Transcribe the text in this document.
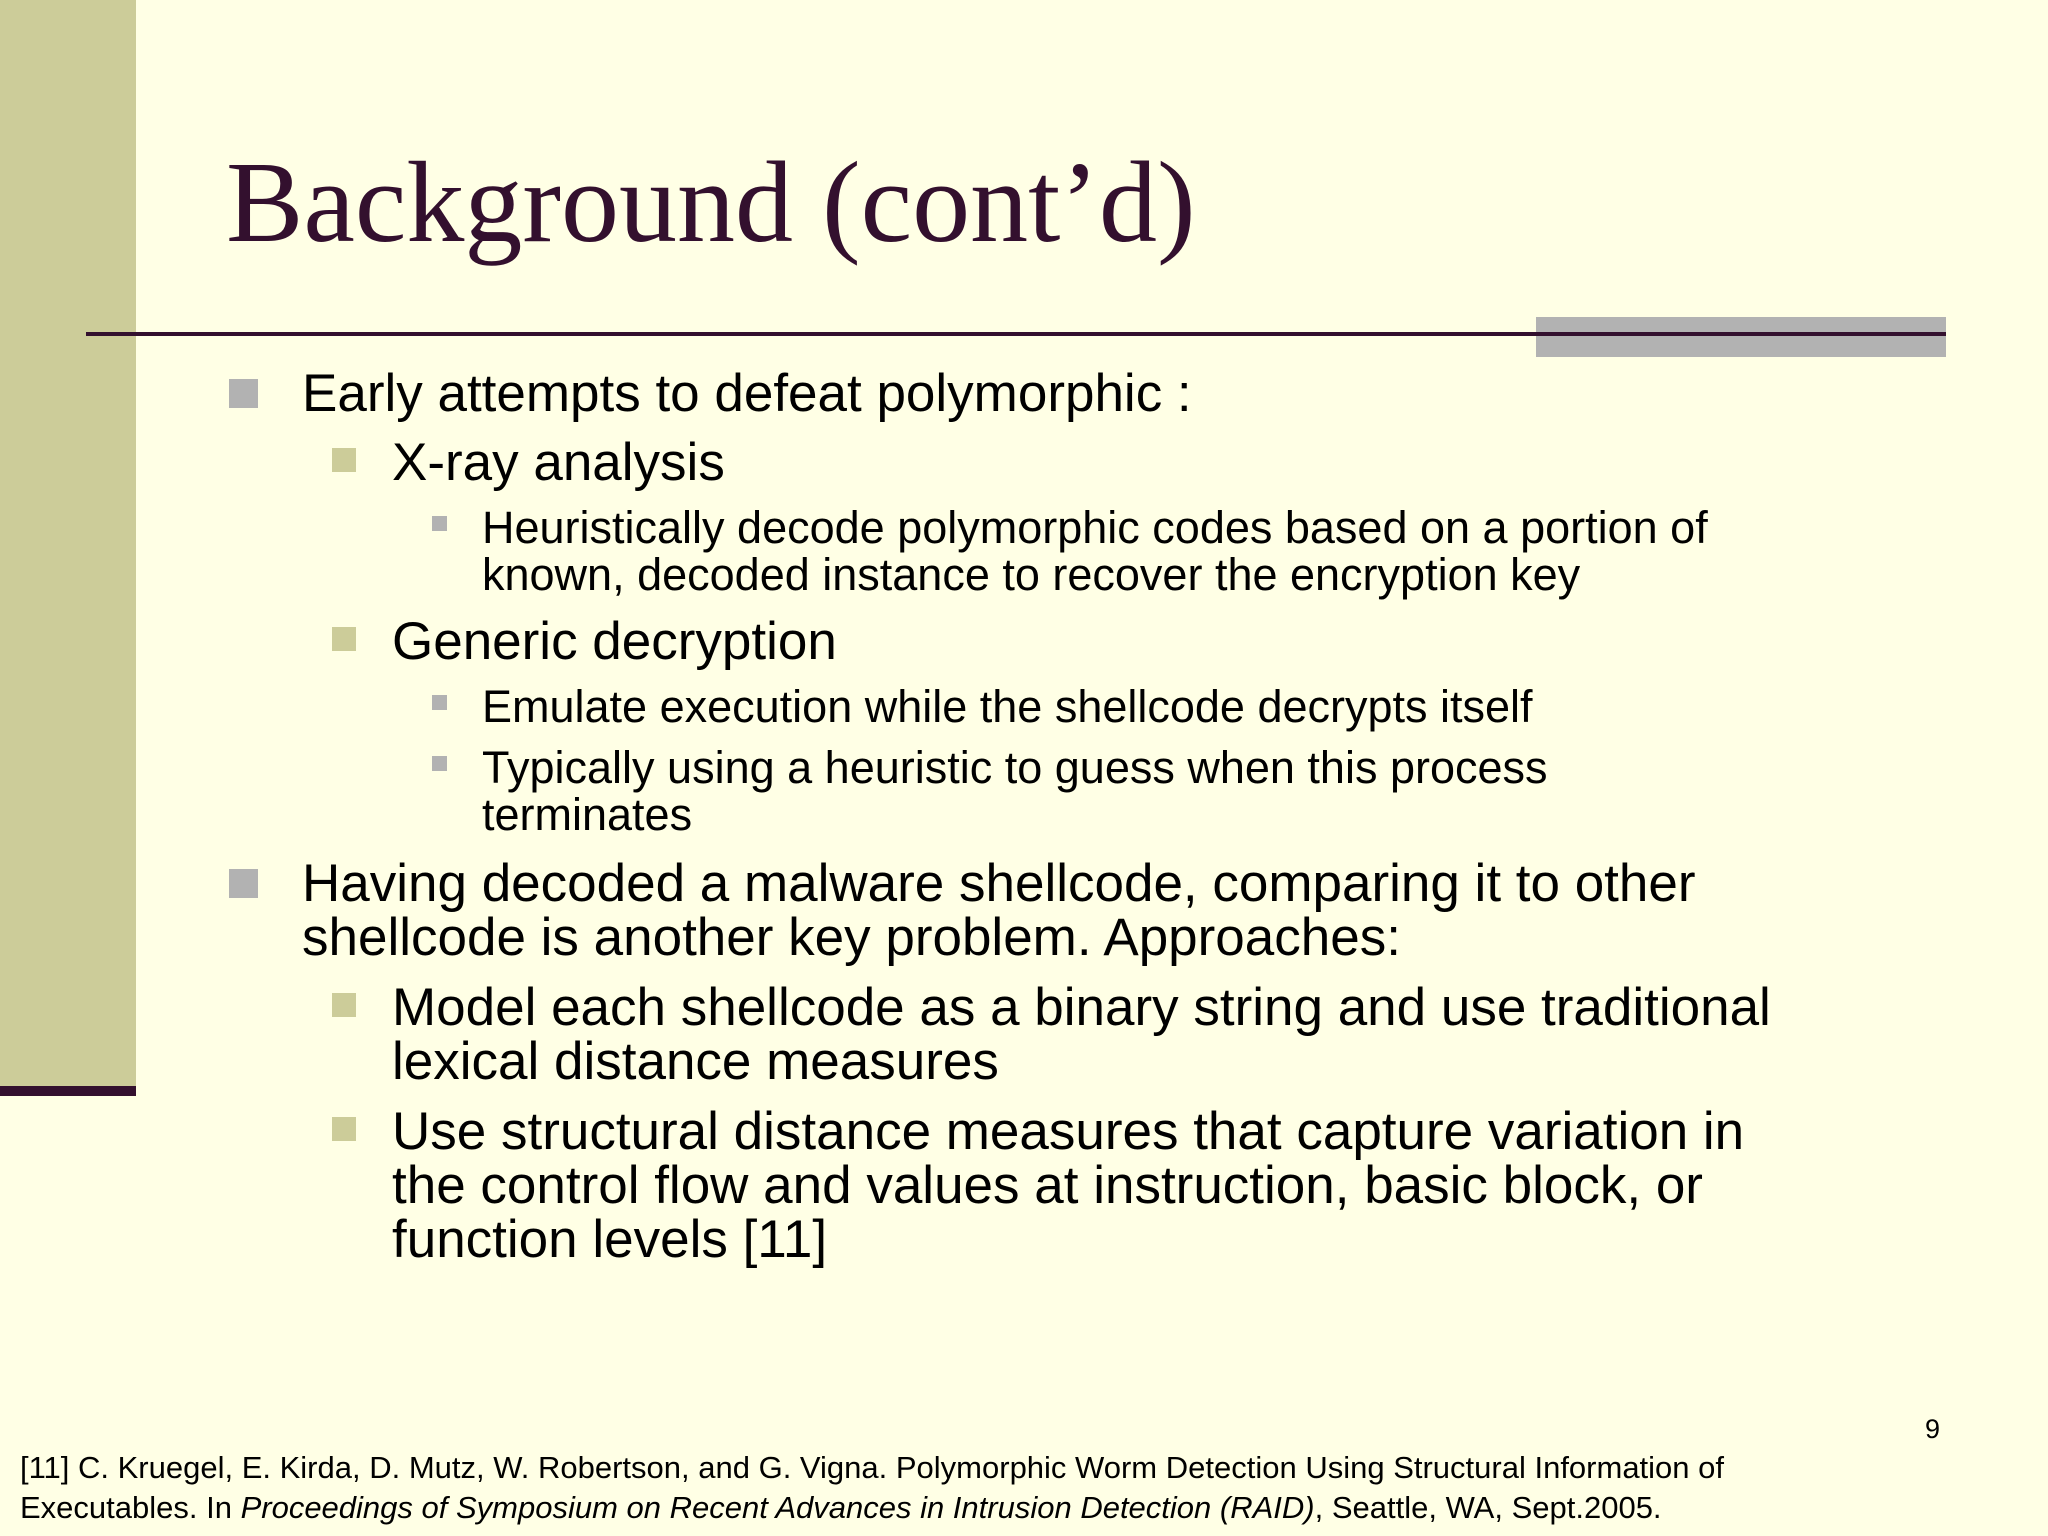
Background (cont’d)
Early attempts to defeat polymorphic :
X-ray analysis
Heuristically decode polymorphic codes based on a portion of
known, decoded instance to recover the encryption key
Generic decryption
Emulate execution while the shellcode decrypts itself
Typically using a heuristic to guess when this process
terminates
Having decoded a malware shellcode, comparing it to other
shellcode is another key problem. Approaches:
Model each shellcode as a binary string and use traditional
lexical distance measures
Use structural distance measures that capture variation in
the control flow and values at instruction, basic block, or
function levels [11]
9
[11] C. Kruegel, E. Kirda, D. Mutz, W. Robertson, and G. Vigna. Polymorphic Worm Detection Using Structural Information of
Executables. In Proceedings of Symposium on Recent Advances in Intrusion Detection (RAID), Seattle, WA, Sept.2005.
